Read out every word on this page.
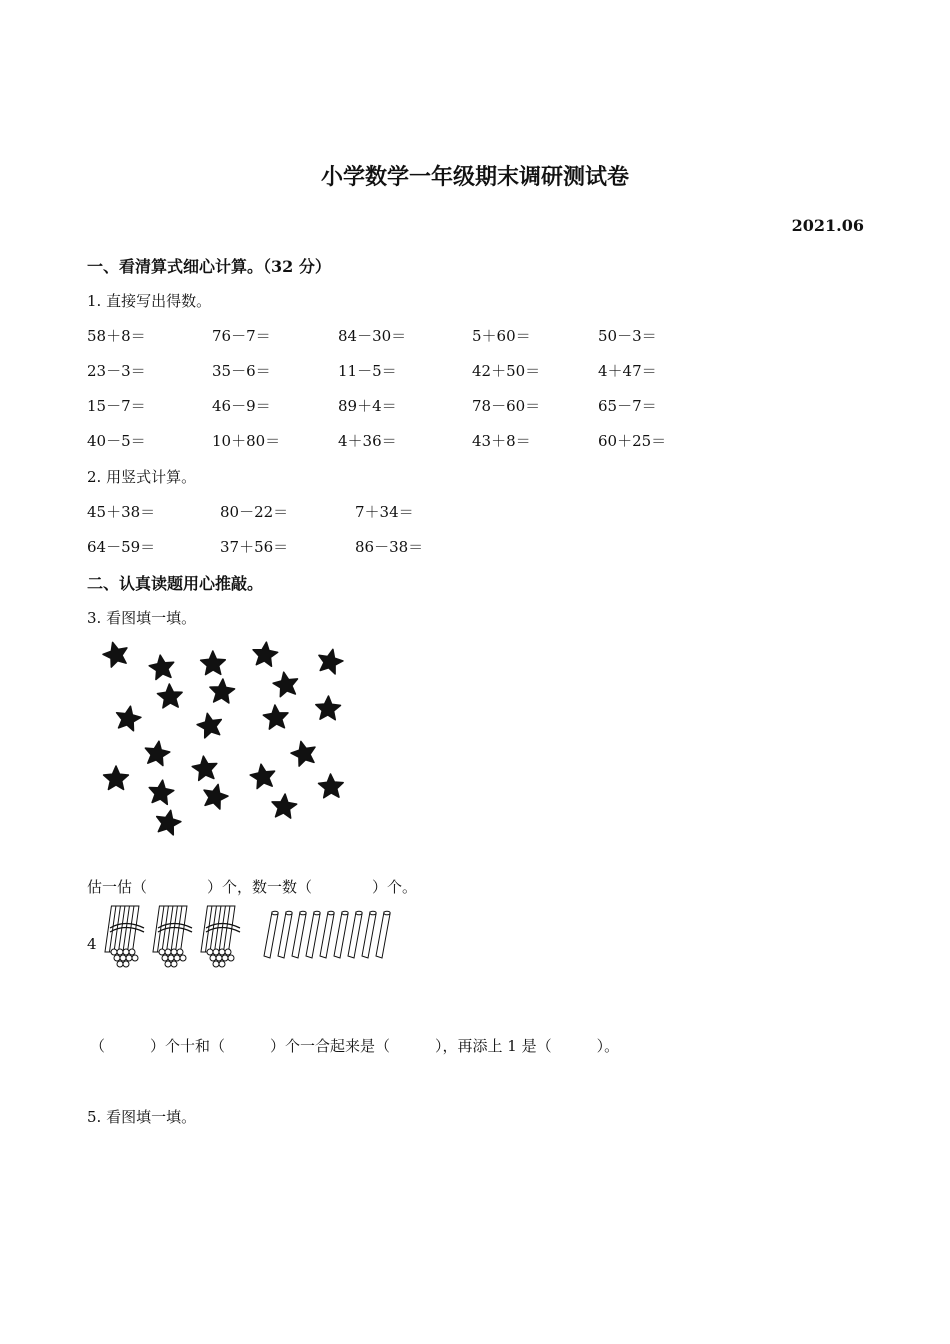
小学数学一年级期末调研测试卷
2021.06
一、看清算式细心计算。（32 分）
1. 直接写出得数。
58＋8＝	76－7＝	84－30＝	5＋60＝	50－3＝
23－3＝	35－6＝	11－5＝	42＋50＝	4＋47＝
15－7＝	46－9＝	89＋4＝	78－60＝	65－7＝
40－5＝	10＋80＝	4＋36＝	43＋8＝	60＋25＝
2. 用竖式计算。
45＋38＝	80－22＝	7＋34＝
64－59＝	37＋56＝	86－38＝
二、认真读题用心推敲。
3. 看图填一填。
估一估（　　　　）个，数一数（　　　　）个。
4
（　　　）个十和（　　　）个一合起来是（　　　），再添上 1 是（　　　）。
5. 看图填一填。
